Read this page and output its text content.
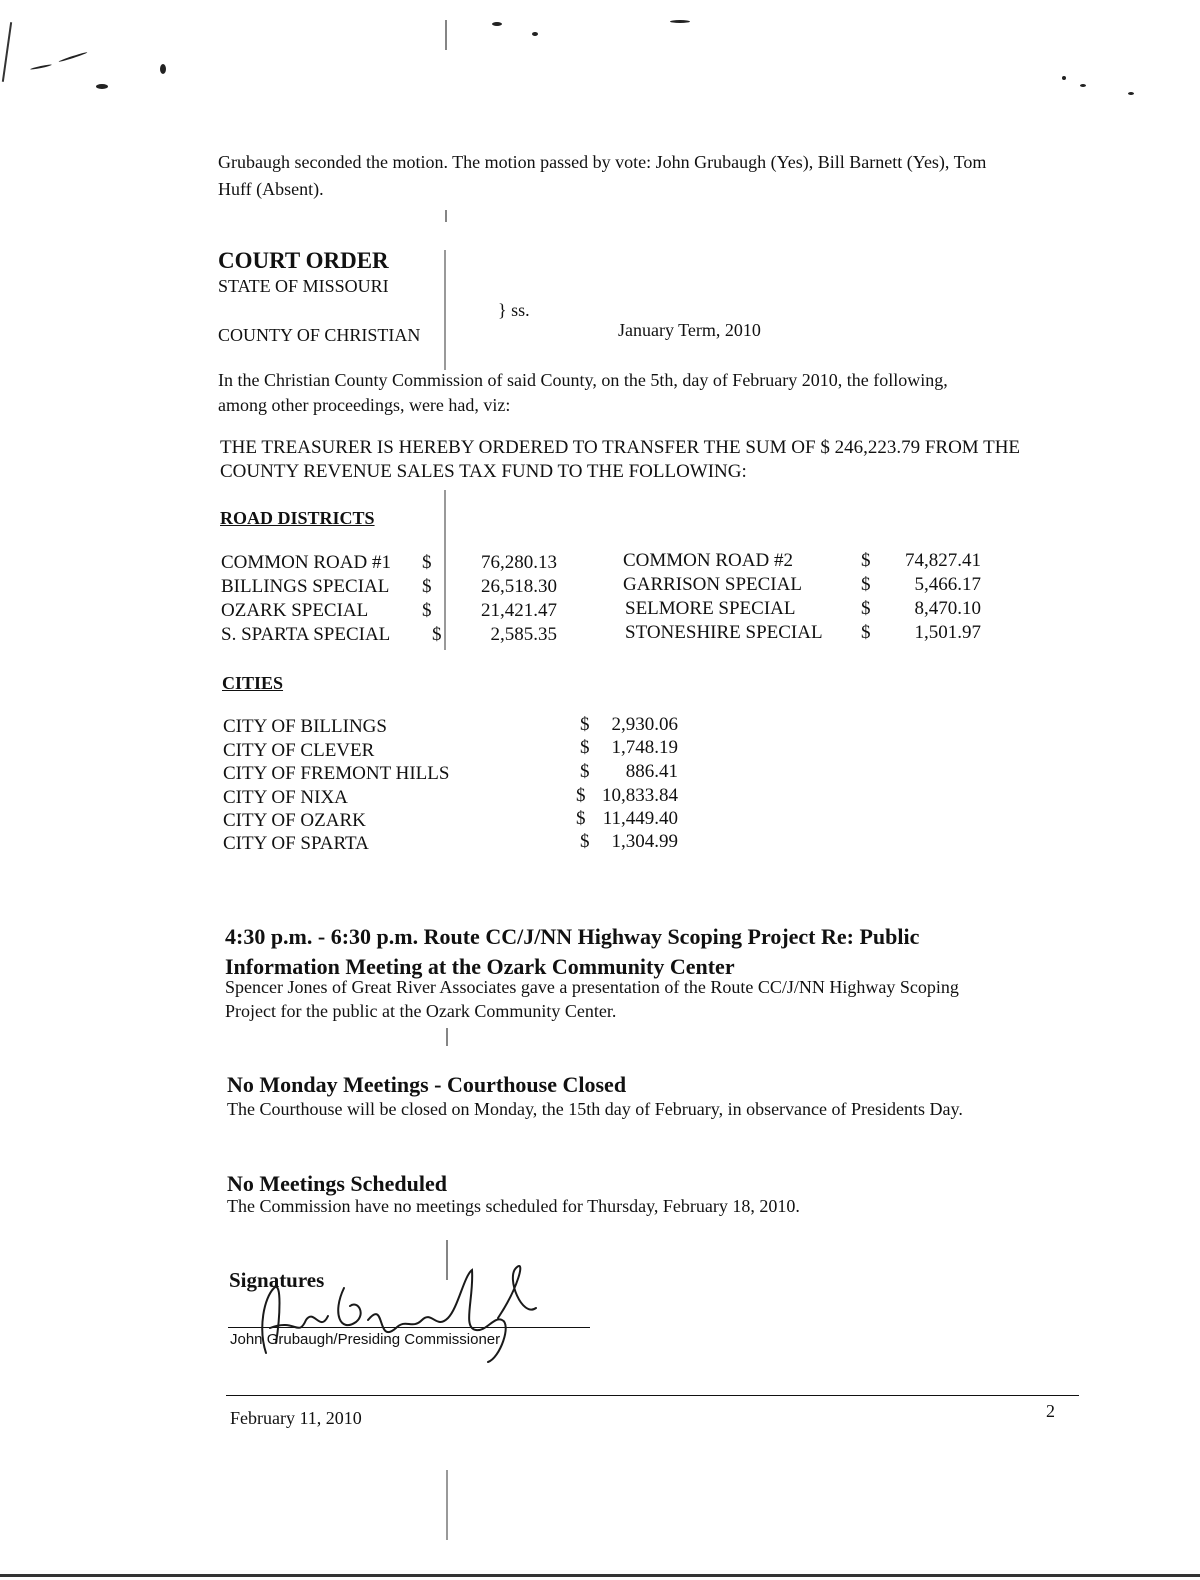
Grubaugh seconded the motion. The motion passed by vote: John Grubaugh (Yes), Bill Barnett (Yes), Tom
Huff (Absent).
COURT ORDER
STATE OF MISSOURI
} ss.
COUNTY OF CHRISTIAN	January Term, 2010
In the Christian County Commission of said County, on the 5th, day of February 2010, the following,
among other proceedings, were had, viz:
THE TREASURER IS HEREBY ORDERED TO TRANSFER THE SUM OF $ 246,223.79 FROM THE
COUNTY REVENUE SALES TAX FUND TO THE FOLLOWING:
ROAD DISTRICTS
COMMON ROAD #1 $	76,280.13
BILLINGS SPECIAL $	26,518.30
OZARK SPECIAL	$	21,421.47
S. SPARTA SPECIAL $	2,585.35
COMMON ROAD #2	$	74,827.41
GARRISON SPECIAL	$	5,466.17
SELMORE SPECIAL	$	8,470.10
STONESHIRE SPECIAL $	1,501.97
CITIES
CITY OF BILLINGS	$	2,930.06
CITY OF CLEVER	$	1,748.19
CITY OF FREMONT HILLS	$	886.41
CITY OF NIXA	$ 10,833.84
CITY OF OZARK	$ 11,449.40
CITY OF SPARTA	$	1,304.99
4:30 p.m. - 6:30 p.m. Route CC/J/NN Highway Scoping Project Re: Public
Information Meeting at the Ozark Community Center
Spencer Jones of Great River Associates gave a presentation of the Route CC/J/NN Highway Scoping
Project for the public at the Ozark Community Center.
No Monday Meetings - Courthouse Closed
The Courthouse will be closed on Monday, the 15th day of February, in observance of Presidents Day.
No Meetings Scheduled
The Commission have no meetings scheduled for Thursday, February 18, 2010.
Signatures
John Grubaugh/Presiding Commissioner
February 11, 2010	2
